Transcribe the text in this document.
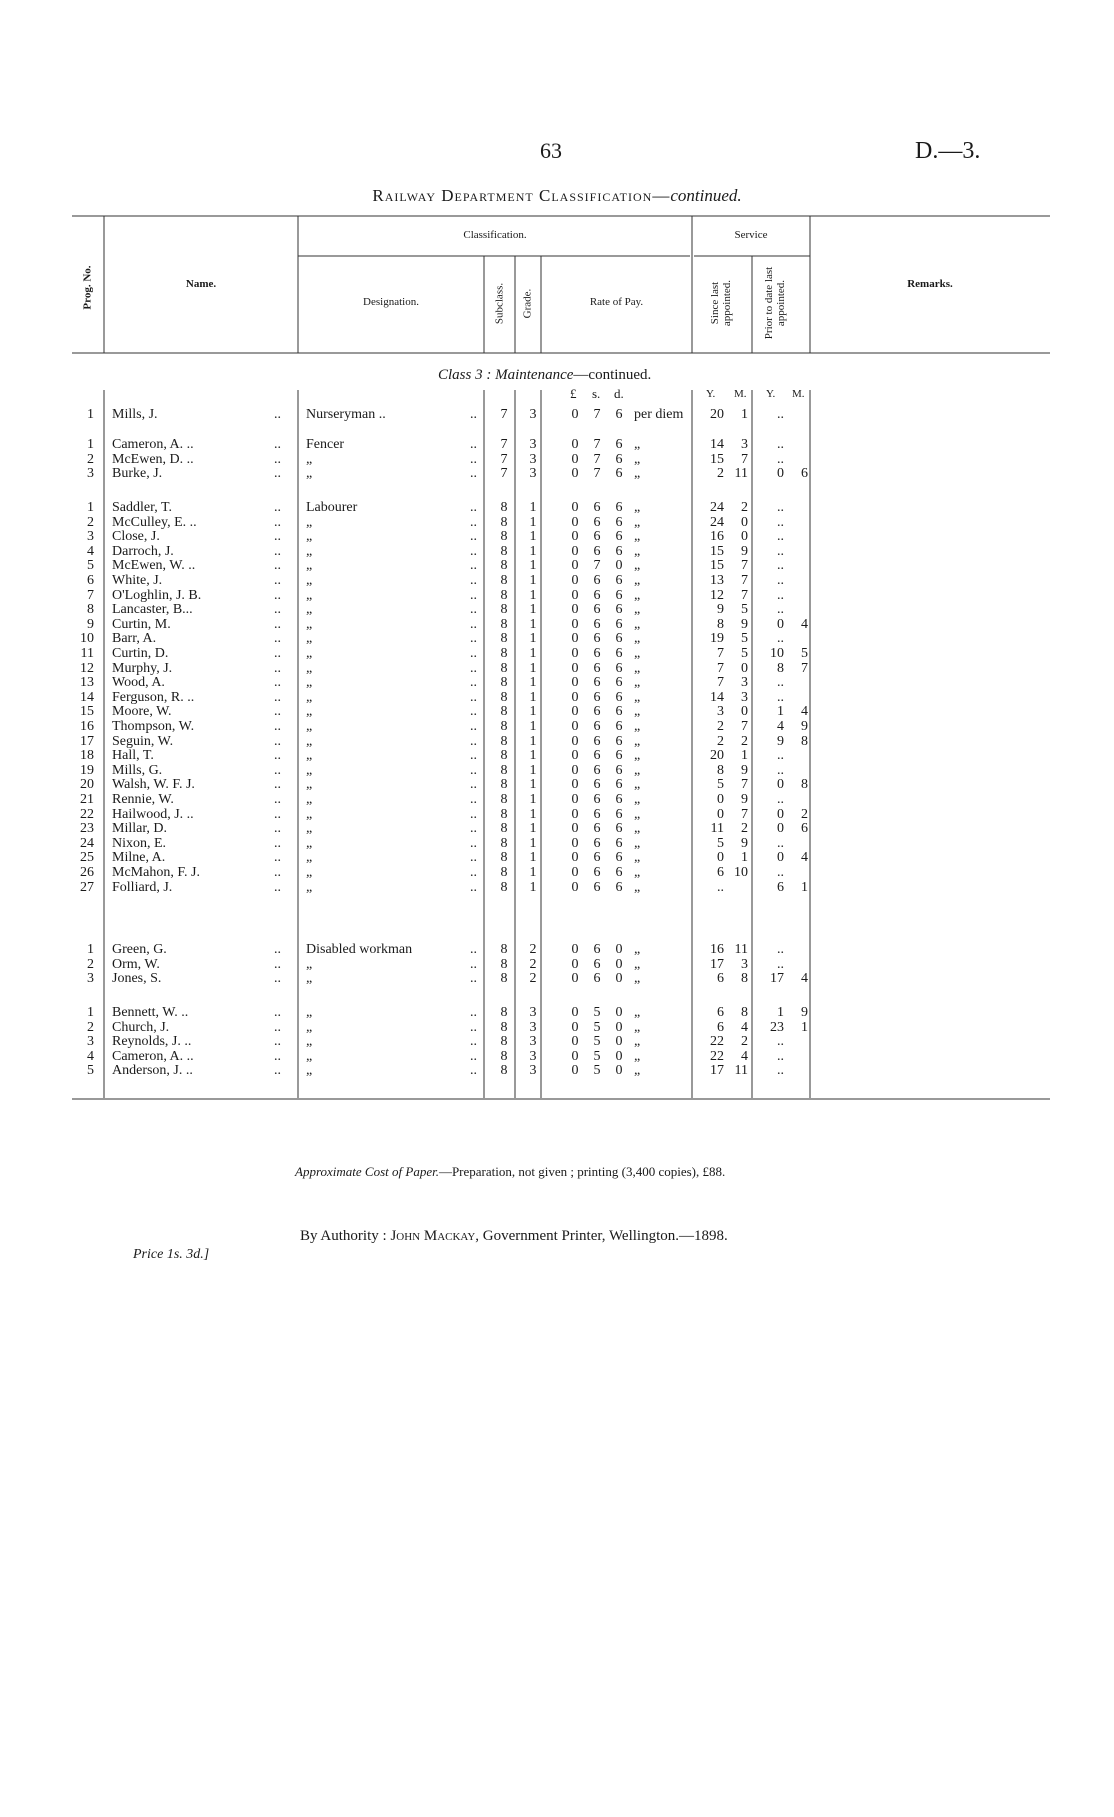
63	D.—3.
Railway Department Classification—continued.
Prog. No.	Name.
Classification.
Designation.	Subclass. Grade.	Rate of Pay.
Service
Since last appointed.	Prior to date last appointed.	Remarks.
Class 3 : Maintenance—continued.
£ s. d.	Y. M. Y. M.
1 Mills, J.	.. Nurseryman ..	..	7	3	0 7 6 per diem	20	1	..
1 Cameron, A. ..	.. Fencer	..	7	3	0 7 6 „	14	3	..
2 McEwen, D. ..	.. „	..	7	3	0 7 6 „	15	7	..
3 Burke, J.	.. „	..	7	3	0 7 6 „	2 11	0	6
1 Saddler, T.	.. Labourer	..	8	1	0 6 6 „	24	2	..
2 McCulley, E. ..	.. „	..	8	1	0 6 6 „	24	0	..
3 Close, J.	.. „	..	8	1	0 6 6 „	16	0	..
4 Darroch, J.	.. „	..	8	1	0 6 6 „	15	9	..
5 McEwen, W. ..	.. „	..	8	1	0 7 0 „	15	7	..
6 White, J.	.. „	..	8	1	0 6 6 „	13	7	..
7 O'Loghlin, J. B.	.. „	..	8	1	0 6 6 „	12	7	..
8 Lancaster, B...	.. „	..	8	1	0 6 6 „	9	5	..
9 Curtin, M.	.. „	..	8	1	0 6 6 „	8	9	0	4
10 Barr, A.	.. „	..	8	1	0 6 6 „	19	5	..
11 Curtin, D.	.. „	..	8	1	0 6 6 „	7	5	10	5
12 Murphy, J.	.. „	..	8	1	0 6 6 „	7	0	8	7
13 Wood, A.	.. „	..	8	1	0 6 6 „	7	3	..
14 Ferguson, R. ..	.. „	..	8	1	0 6 6 „	14	3	..
15 Moore, W.	.. „	..	8	1	0 6 6 „	3	0	1	4
16 Thompson, W.	.. „	..	8	1	0 6 6 „	2	7	4	9
17 Seguin, W.	.. „	..	8	1	0 6 6 „	2	2	9	8
18 Hall, T.	.. „	..	8	1	0 6 6 „	20	1	..
19 Mills, G.	.. „	..	8	1	0 6 6 „	8	9	..
20 Walsh, W. F. J.	.. „	..	8	1	0 6 6 „	5	7	0	8
21 Rennie, W.	.. „	..	8	1	0 6 6 „	0	9	..
22 Hailwood, J. ..	.. „	..	8	1	0 6 6 „	0	7	0	2
23 Millar, D.	.. „	..	8	1	0 6 6 „	11	2	0	6
24 Nixon, E.	.. „	..	8	1	0 6 6 „	5	9	..
25 Milne, A.	.. „	..	8	1	0 6 6 „	0	1	0	4
26 McMahon, F. J.	.. „	..	8	1	0 6 6 „	6 10	..
27 Folliard, J.	.. „	..	8	1	0 6 6 „	..	6	1
1 Green, G.	.. Disabled workman	..	8	2	0 6 0 „	16 11	..
2 Orm, W.	.. „	..	8	2	0 6 0 „	17	3	..
3 Jones, S.	.. „	..	8	2	0 6 0 „	6	8	17	4
1 Bennett, W. ..	.. „	..	8	3	0 5 0 „	6	8	1	9
2 Church, J.	.. „	..	8	3	0 5 0 „	6	4	23	1
3 Reynolds, J. ..	.. „	..	8	3	0 5 0 „	22	2	..
4 Cameron, A. ..	.. „	..	8	3	0 5 0 „	22	4	..
5 Anderson, J. ..	.. „	..	8	3	0 5 0 „	17 11	..
Approximate Cost of Paper.—Preparation, not given ; printing (3,400 copies), £88.
By Authority : John Mackay, Government Printer, Wellington.—1898.
Price 1s. 3d.]
